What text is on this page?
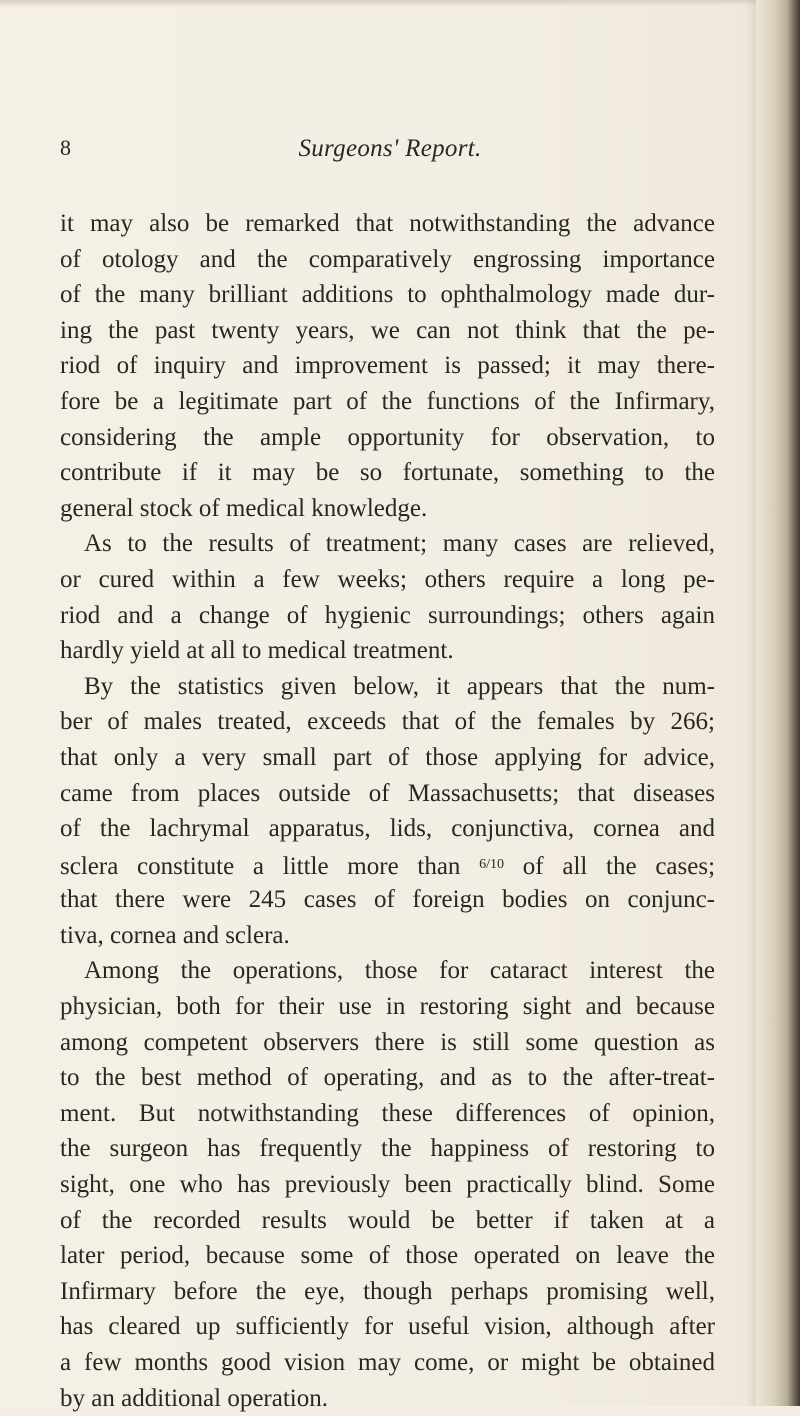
8	Surgeons' Report.
it may also be remarked that notwithstanding the advance
of otology and the comparatively engrossing importance
of the many brilliant additions to ophthalmology made dur-
ing the past twenty years, we can not think that the pe-
riod of inquiry and improvement is passed; it may there-
fore be a legitimate part of the functions of the Infirmary,
considering the ample opportunity for observation, to
contribute if it may be so fortunate, something to the
general stock of medical knowledge.
As to the results of treatment; many cases are relieved,
or cured within a few weeks; others require a long pe-
riod and a change of hygienic surroundings; others again
hardly yield at all to medical treatment.
By the statistics given below, it appears that the num-
ber of males treated, exceeds that of the females by 266;
that only a very small part of those applying for advice,
came from places outside of Massachusetts; that diseases
of the lachrymal apparatus, lids, conjunctiva, cornea and
sclera constitute a little more than $^{6/10}$ of all the cases;
that there were 245 cases of foreign bodies on conjunc-
tiva, cornea and sclera.
Among the operations, those for cataract interest the
physician, both for their use in restoring sight and because
among competent observers there is still some question as
to the best method of operating, and as to the after-treat-
ment. But notwithstanding these differences of opinion,
the surgeon has frequently the happiness of restoring to
sight, one who has previously been practically blind. Some
of the recorded results would be better if taken at a
later period, because some of those operated on leave the
Infirmary before the eye, though perhaps promising well,
has cleared up sufficiently for useful vision, although after
a few months good vision may come, or might be obtained
by an additional operation.
